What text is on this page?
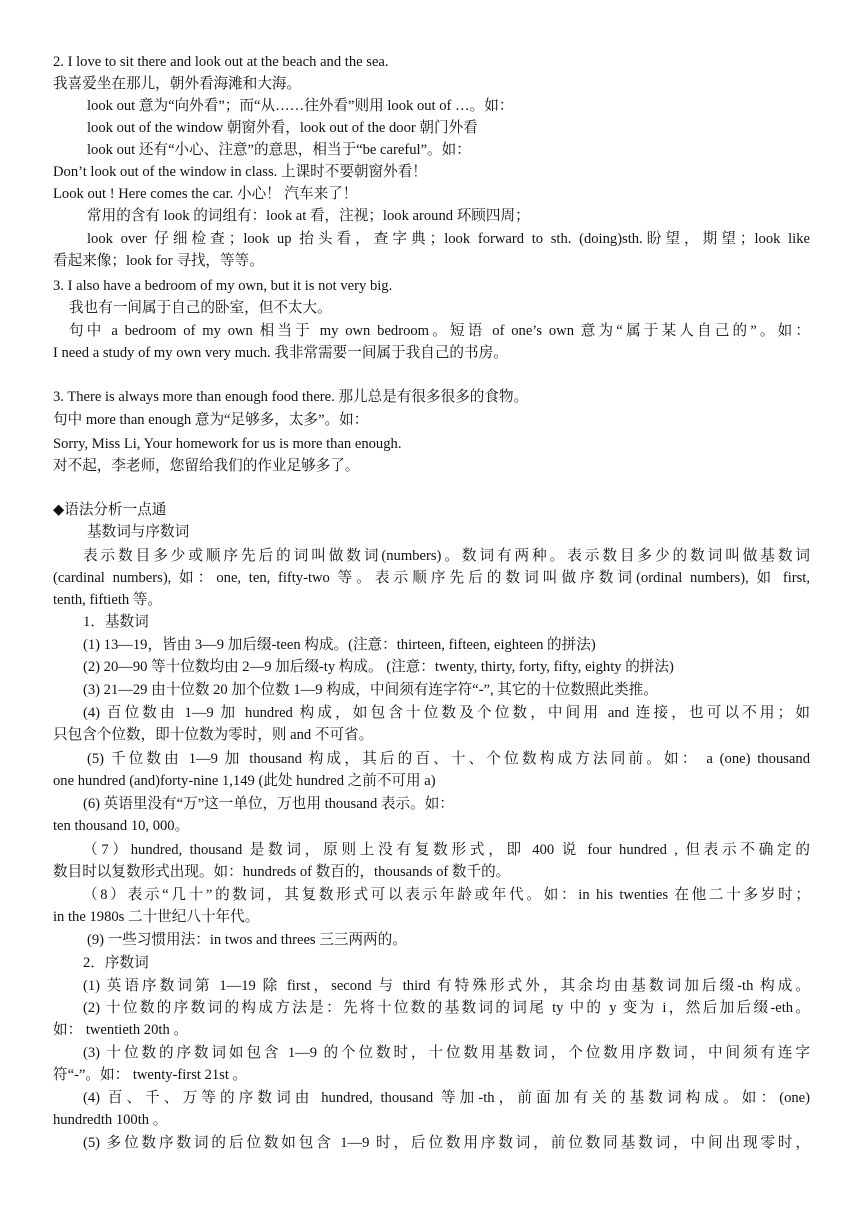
2. I love to sit there and look out at the beach and the sea.
我喜爱坐在那儿，朝外看海滩和大海。
look out 意为“向外看”；而“从……往外看”则用 look out of …。如：
look out of the window 朝窗外看，look out of the door 朝门外看
look out 还有“小心、注意”的意思，相当于“be careful”。如：
Don’t look out of the window in class. 上课时不要朝窗外看！
Look out ! Here comes the car. 小心！ 汽车来了！
常用的含有 look 的词组有：look at 看，注视；look around 环顾四周；
look over 仔细检查；look up 抬头看，查字典；look forward to sth. (doing)sth.盼望，期望；look like
看起来像；look for 寻找，等等。
3. I also have a bedroom of my own, but it is not very big.
我也有一间属于自己的卧室，但不太大。
句中 a bedroom of my own 相当于 my own bedroom。短语 of one’s own 意为“属于某人自己的”。如：
I need a study of my own very much. 我非常需要一间属于我自己的书房。
3. There is always more than enough food there. 那儿总是有很多很多的食物。
句中 more than enough 意为“足够多，太多”。如：
Sorry, Miss Li, Your homework for us is more than enough.
对不起，李老师，您留给我们的作业足够多了。
◆语法分析一点通
基数词与序数词
表示数目多少或顺序先后的词叫做数词(numbers)。数词有两种。表示数目多少的数词叫做基数词
(cardinal numbers), 如：one, ten, fifty-two 等。表示顺序先后的数词叫做序数词(ordinal numbers), 如 first,
tenth, fiftieth 等。
1．基数词
(1) 13—19，皆由 3—9 加后缀-teen 构成。(注意：thirteen, fifteen, eighteen 的拼法)
(2) 20—90 等十位数均由 2—9 加后缀-ty 构成。 (注意：twenty, thirty, forty, fifty, eighty 的拼法)
(3) 21—29 由十位数 20 加个位数 1—9 构成，中间须有连字符“-”, 其它的十位数照此类推。
(4) 百位数由 1—9 加 hundred 构成，如包含十位数及个位数，中间用 and 连接，也可以不用；如
只包含个位数，即十位数为零时，则 and 不可省。
(5) 千位数由 1—9 加 thousand 构成，其后的百、十、个位数构成方法同前。如： a (one) thousand
one hundred (and)forty-nine 1,149 (此处 hundred 之前不可用 a)
(6) 英语里没有“万”这一单位，万也用 thousand 表示。如：
ten thousand 10, 000。
（7）hundred, thousand 是数词，原则上没有复数形式，即 400 说 four hundred , 但表示不确定的
数目时以复数形式出现。如：hundreds of 数百的，thousands of 数千的。
（8）表示“几十”的数词，其复数形式可以表示年龄或年代。如：in his twenties 在他二十多岁时；
in the 1980s 二十世纪八十年代。
(9) 一些习惯用法：in twos and threes 三三两两的。
2．序数词
(1) 英语序数词第 1—19 除 first，second 与 third 有特殊形式外，其余均由基数词加后缀-th 构成。
(2) 十位数的序数词的构成方法是：先将十位数的基数词的词尾 ty 中的 y 变为 i，然后加后缀-eth。
如： twentieth 20th 。
(3) 十位数的序数词如包含 1—9 的个位数时，十位数用基数词，个位数用序数词，中间须有连字
符“-”。如： twenty-first 21st 。
(4) 百、千、万等的序数词由 hundred, thousand 等加-th，前面加有关的基数词构成。如：(one)
hundredth 100th 。
(5) 多位数序数词的后位数如包含 1—9 时，后位数用序数词，前位数同基数词，中间出现零时，
